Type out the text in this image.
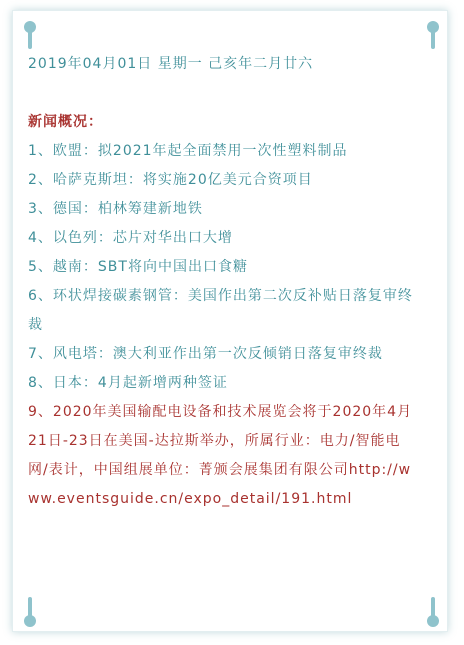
2019年04月01日 星期一 己亥年二月廿六
新闻概况：
1、欧盟：拟2021年起全面禁用一次性塑料制品
2、哈萨克斯坦：将实施20亿美元合资项目
3、德国：柏林筹建新地铁
4、以色列：芯片对华出口大增
5、越南：SBT将向中国出口食糖
6、环状焊接碳素钢管：美国作出第二次反补贴日落复审终裁
7、风电塔：澳大利亚作出第一次反倾销日落复审终裁
8、日本：4月起新增两种签证
9、2020年美国输配电设备和技术展览会将于2020年4月21日-23日在美国-达拉斯举办，所属行业：电力/智能电网/表计，中国组展单位：菁颁会展集团有限公司http://www.eventsguide.cn/expo_detail/191.html
